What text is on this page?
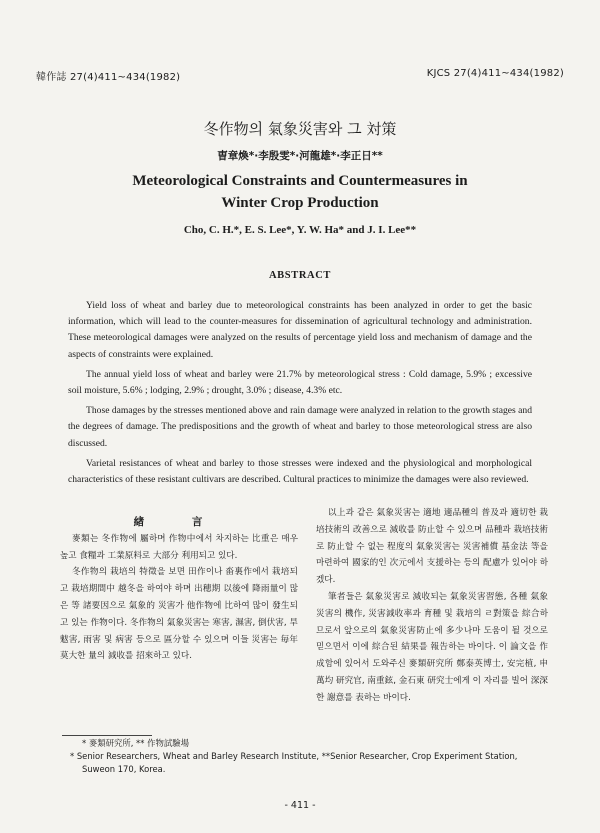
韓作誌 27(4)411~434(1982)	KJCS 27(4)411~434(1982)
冬作物의 氣象災害와 그 対策
曺章煥*·李殷雯*·河龍雄*·李正日**
Meteorological Constraints and Countermeasures in
Winter Crop Production
Cho, C. H.*, E. S. Lee*, Y. W. Ha* and J. I. Lee**
ABSTRACT

Yield loss of wheat and barley due to meteorological constraints has been analyzed in order to get the basic information, which will lead to the counter-measures for dissemination of agricultural technology and administration. These meteorological damages were analyzed on the results of percentage yield loss and mechanism of damage and the aspects of constraints were explained.

The annual yield loss of wheat and barley were 21.7% by meteorological stress : Cold damage, 5.9% ; excessive soil moisture, 5.6% ; lodging, 2.9% ; drought, 3.0% ; disease, 4.3% etc.

Those damages by the stresses mentioned above and rain damage were analyzed in relation to the growth stages and the degrees of damage. The predispositions and the growth of wheat and barley to those meteorological stress are also discussed.

Varietal resistances of wheat and barley to those stresses were indexed and the physiological and morphological characteristics of these resistant cultivars are described. Cultural practices to minimize the damages were also reviewed.

緖 言

麥類는 冬作物에 屬하며 作物中에서 차지하는 比重은 매우 높고 食糧과 工業原料로 大部分 利用되고 있다.

冬作物의 栽培의 特徵을 보면 田作이나 畓裏作에서 栽培되고 栽培期間中 越冬을 하여야 하며 出穗期 以後에 降雨量이 많은 等 諸要因으로 氣象的 災害가 他作物에 比하여 많이 發生되고 있는 作物이다. 冬作物의 氣象災害는 寒害, 濕害, 倒伏害, 旱魃害, 雨害 및 病害 등으로 區分할 수 있으며 이들 災害는 毎年 莫大한 量의 減收를 招來하고 있다.

以上과 같은 氣象災害는 適地 適品種의 普及과 適切한 栽培技術의 改善으로 減收를 防止할 수 있으며 品種과 栽培技術로 防止할 수 없는 程度의 氣象災害는 災害補償 基金法 等을 마련하여 國家的인 次元에서 支援하는 등의 配慮가 있어야 하겠다.

筆者들은 氣象災害로 減收되는 氣象災害習態, 各種 氣象災害의 機作, 災害減收率과 育種 및 栽培의 ㄹ對策을 綜合하므로서 앞으로의 氣象災害防止에 多少나마 도움이 될 것으로 믿으면서 이에 綜合된 結果를 報告하는 바이다. 이 論文을 作成함에 있어서 도와주신 麥類研究所 鄭泰英博士, 安完植, 申萬均 研究官, 南重鉉, 金石東 研究士에게 이 자리를 빌어 深深한 謝意를 表하는 바이다.

* 麥類研究所, ** 作物試驗場
* Senior Researchers, Wheat and Barley Research Institute, **Senior Researcher, Crop Experiment Station,
Suweon 170, Korea.
- 411 -
